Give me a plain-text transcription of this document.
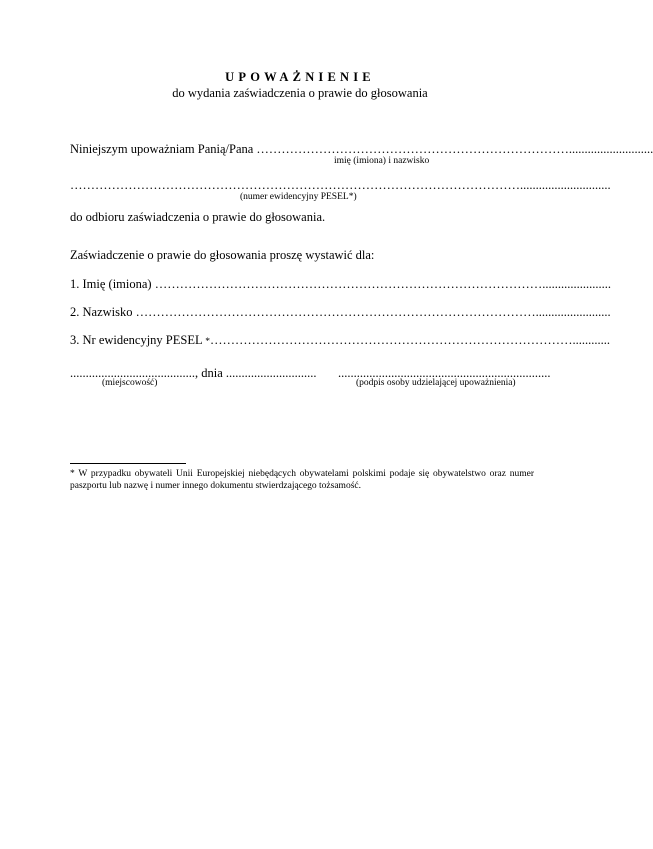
UPOWAŻNIENIE
do wydania zaświadczenia o prawie do głosowania
Niniejszym upoważniam Panią/Pana …………………………………………………………………...........................
imię (imiona) i nazwisko
……………………………………………………………………………………………….............................
(numer ewidencyjny PESEL*)
do odbioru zaświadczenia o prawie do głosowania.
Zaświadczenie o prawie do głosowania proszę wystawić dla:
1. Imię (imiona) …………………………………………………………………………………......................
2. Nazwisko ……………………………………………………………………………………........................
3. Nr ewidencyjny PESEL *……………………………………………………………………………............
........................................, dnia ............................. ....................................................................
(miejscowość)	(podpis osoby udzielającej upoważnienia)
* W przypadku obywateli Unii Europejskiej niebędących obywatelami polskimi podaje się obywatelstwo oraz numer paszportu lub nazwę i numer innego dokumentu stwierdzającego tożsamość.
